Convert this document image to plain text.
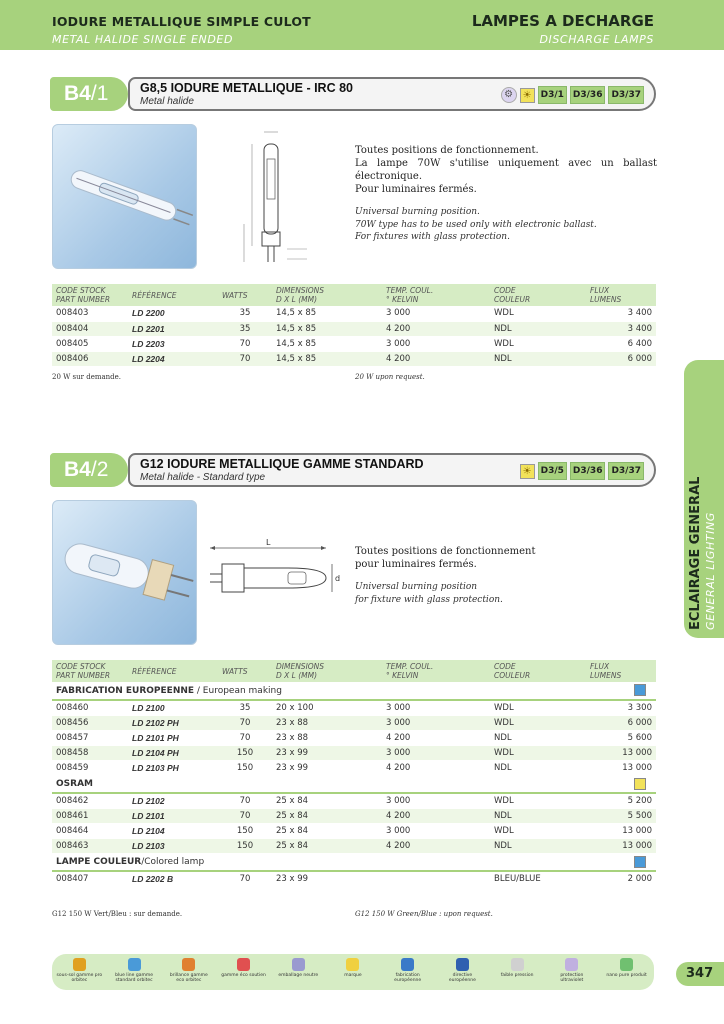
IODURE METALLIQUE SIMPLE CULOT
METAL HALIDE SINGLE ENDED
LAMPES A DECHARGE
DISCHARGE LAMPS
B4/1	G8,5 IODURE METALLIQUE - IRC 80
Metal halide
⚙ ☀	D3/1	D3/36	D3/37

Toutes positions de fonctionnement.

La lampe 70W s'utilise uniquement avec un ballast électronique.

Pour luminaires fermés.

Universal burning position.
70W type has to be used only with electronic ballast.
For fixtures with glass protection.
CODE STOCK
PART NUMBER	RÉFÉRENCE	WATTS	DIMENSIONS
D X L (MM)	TEMP. COUL.
° KELVIN	CODE
COULEUR	FLUX
LUMENS
008403	LD 2200	35	14,5 x 85	3 000	WDL	3 400
008404	LD 2201	35	14,5 x 85	4 200	NDL	3 400
008405	LD 2203	70	14,5 x 85	3 000	WDL	6 400
008406	LD 2204	70	14,5 x 85	4 200	NDL	6 000
20 W sur demande.	20 W upon request.
ECLAIRAGE GENERAL GENERAL LIGHTING
B4/2	G12 IODURE METALLIQUE GAMME STANDARD
Metal halide - Standard type
☀	D3/5	D3/36	D3/37
L
d

Toutes positions de fonctionnement

pour luminaires fermés.

Universal burning position
for fixture with glass protection.
CODE STOCK
PART NUMBER	RÉFÉRENCE	WATTS	DIMENSIONS
D X L (MM)	TEMP. COUL.
° KELVIN	CODE
COULEUR	FLUX
LUMENS
FABRICATION EUROPEENNE / European making						

008460	LD 2100	35	20 x 100	3 000	WDL	3 300
008456	LD 2102 PH	70	23 x 88	3 000	WDL	6 000
008457	LD 2101 PH	70	23 x 88	4 200	NDL	5 600
008458	LD 2104 PH	150	23 x 99	3 000	WDL	13 000
008459	LD 2103 PH	150	23 x 99	4 200	NDL	13 000
OSRAM						

008462	LD 2102	70	25 x 84	3 000	WDL	5 200
008461	LD 2101	70	25 x 84	4 200	NDL	5 500
008464	LD 2104	150	25 x 84	3 000	WDL	13 000
008463	LD 2103	150	25 x 84	4 200	NDL	13 000
LAMPE COULEUR/Colored lamp						

008407	LD 2202 B	70	23 x 99		BLEU/BLUE	2 000
G12 150 W Vert/Bleu : sur demande.	G12 150 W Green/Blue : upon request.
sous-sol gamme pro orbitec
blue line gamme standard orbitec
brillance gamme eco orbitec
gamme éco soutien	emballage neutre	marque	fabrication européenne
directive européenne
faible pression	protection ultraviolet
nano pure produit	347
